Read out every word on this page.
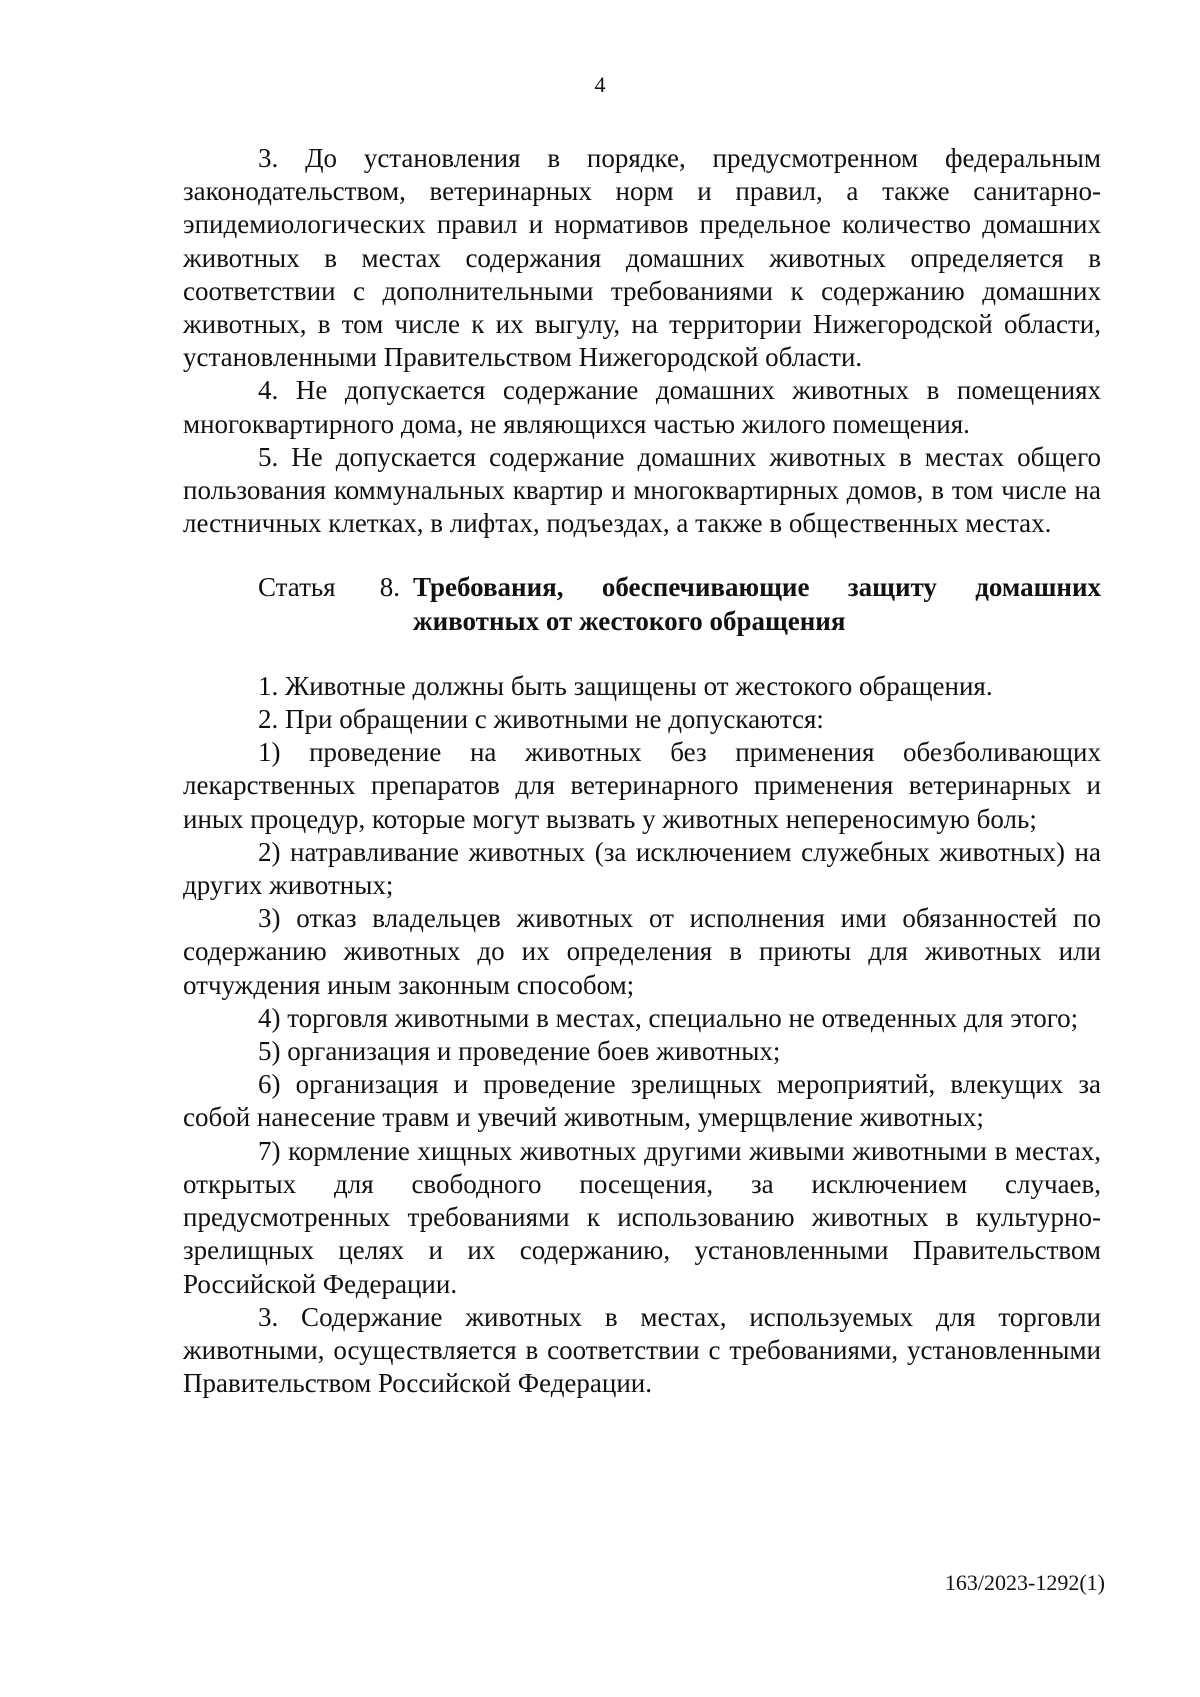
4

3. До установления в порядке, предусмотренном федеральным законодательством, ветеринарных норм и правил, а также санитарно-эпидемиологических правил и нормативов предельное количество домашних животных в местах содержания домашних животных определяется в соответствии с дополнительными требованиями к содержанию домашних животных, в том числе к их выгулу, на территории Нижегородской области, установленными Правительством Нижегородской области.

4. Не допускается содержание домашних животных в помещениях многоквартирного дома, не являющихся частью жилого помещения.

5. Не допускается содержание домашних животных в местах общего пользования коммунальных квартир и многоквартирных домов, в том числе на лестничных клетках, в лифтах, подъездах, а также в общественных местах.

Статья 8. Требования, обеспечивающие защиту домашних животных от жестокого обращения

1. Животные должны быть защищены от жестокого обращения.

2. При обращении с животными не допускаются:

1) проведение на животных без применения обезболивающих лекарственных препаратов для ветеринарного применения ветеринарных и иных процедур, которые могут вызвать у животных непереносимую боль;

2) натравливание животных (за исключением служебных животных) на других животных;

3) отказ владельцев животных от исполнения ими обязанностей по содержанию животных до их определения в приюты для животных или отчуждения иным законным способом;

4) торговля животными в местах, специально не отведенных для этого;

5) организация и проведение боев животных;

6) организация и проведение зрелищных мероприятий, влекущих за собой нанесение травм и увечий животным, умерщвление животных;

7) кормление хищных животных другими живыми животными в местах, открытых для свободного посещения, за исключением случаев, предусмотренных требованиями к использованию животных в культурно-зрелищных целях и их содержанию, установленными Правительством Российской Федерации.

3. Содержание животных в местах, используемых для торговли животными, осуществляется в соответствии с требованиями, установленными Правительством Российской Федерации.

163/2023-1292(1)
